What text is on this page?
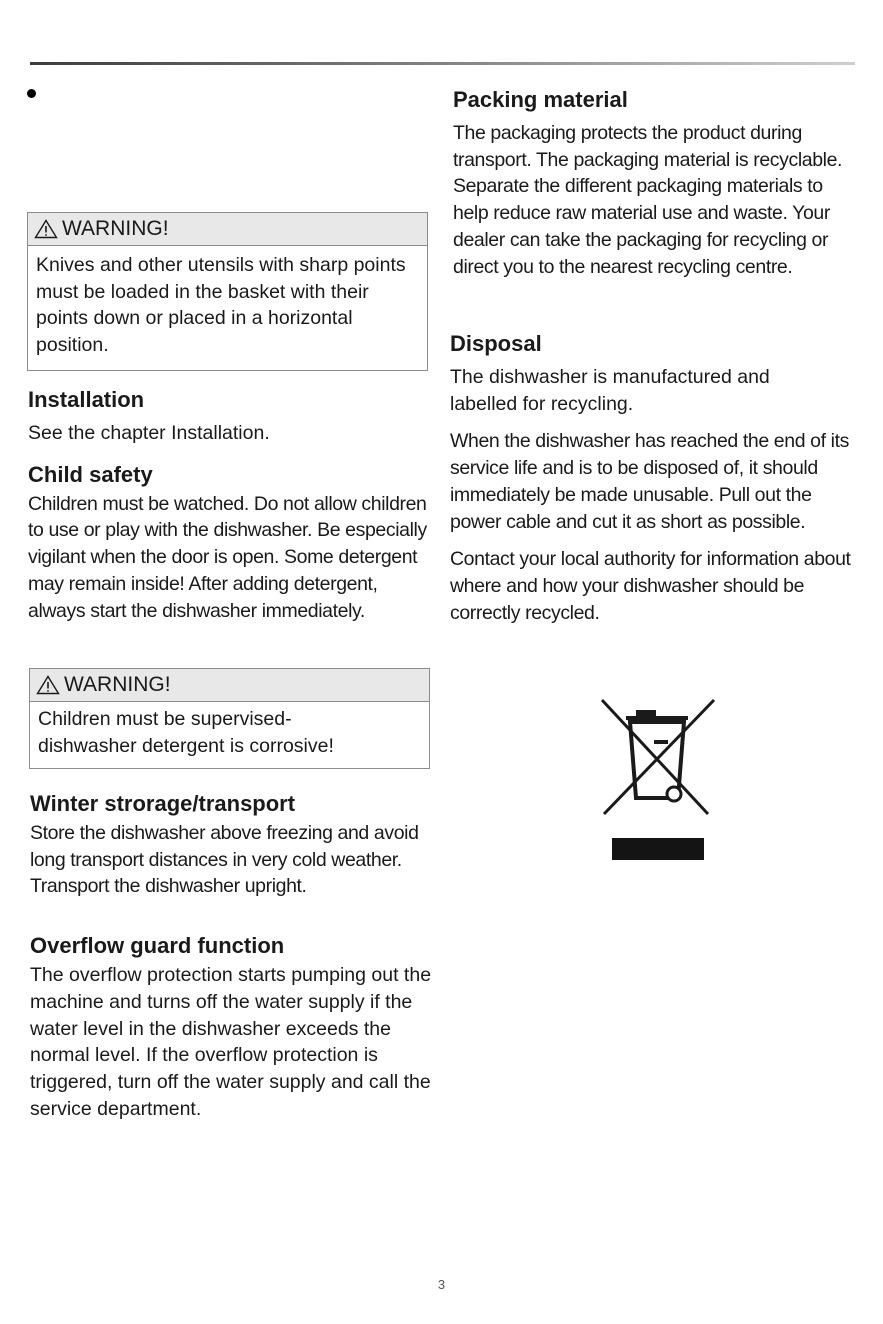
WARNING!

Knives and other utensils with sharp points must be loaded in the basket with their points down or placed in a horizontal position.

Installation

See the chapter Installation.

Child safety

Children must be watched. Do not allow children to use or play with the dishwasher. Be especially vigilant when the door is open. Some detergent may remain inside! After adding detergent, always start the dishwasher immediately.

WARNING!

Children must be supervised- dishwasher detergent is corrosive!

Winter strorage/transport

Store the dishwasher above freezing and avoid long transport distances in very cold weather. Transport the dishwasher upright.

Overflow guard function

The overflow protection starts pumping out the machine and turns off the water supply if the water level in the dishwasher exceeds the normal level. If the overflow protection is triggered, turn off the water supply and call the service department.

Packing material

The packaging protects the product during transport. The packaging material is recyclable. Separate the different packaging materials to help reduce raw material use and waste. Your dealer can take the packaging for recycling or direct you to the nearest recycling centre.

Disposal

The dishwasher is manufactured and labelled for recycling.

When the dishwasher has reached the end of its service life and is to be disposed of, it should immediately be made unusable. Pull out the power cable and cut it as short as possible.

Contact your local authority for information about where and how your dishwasher should be correctly recycled.

3
